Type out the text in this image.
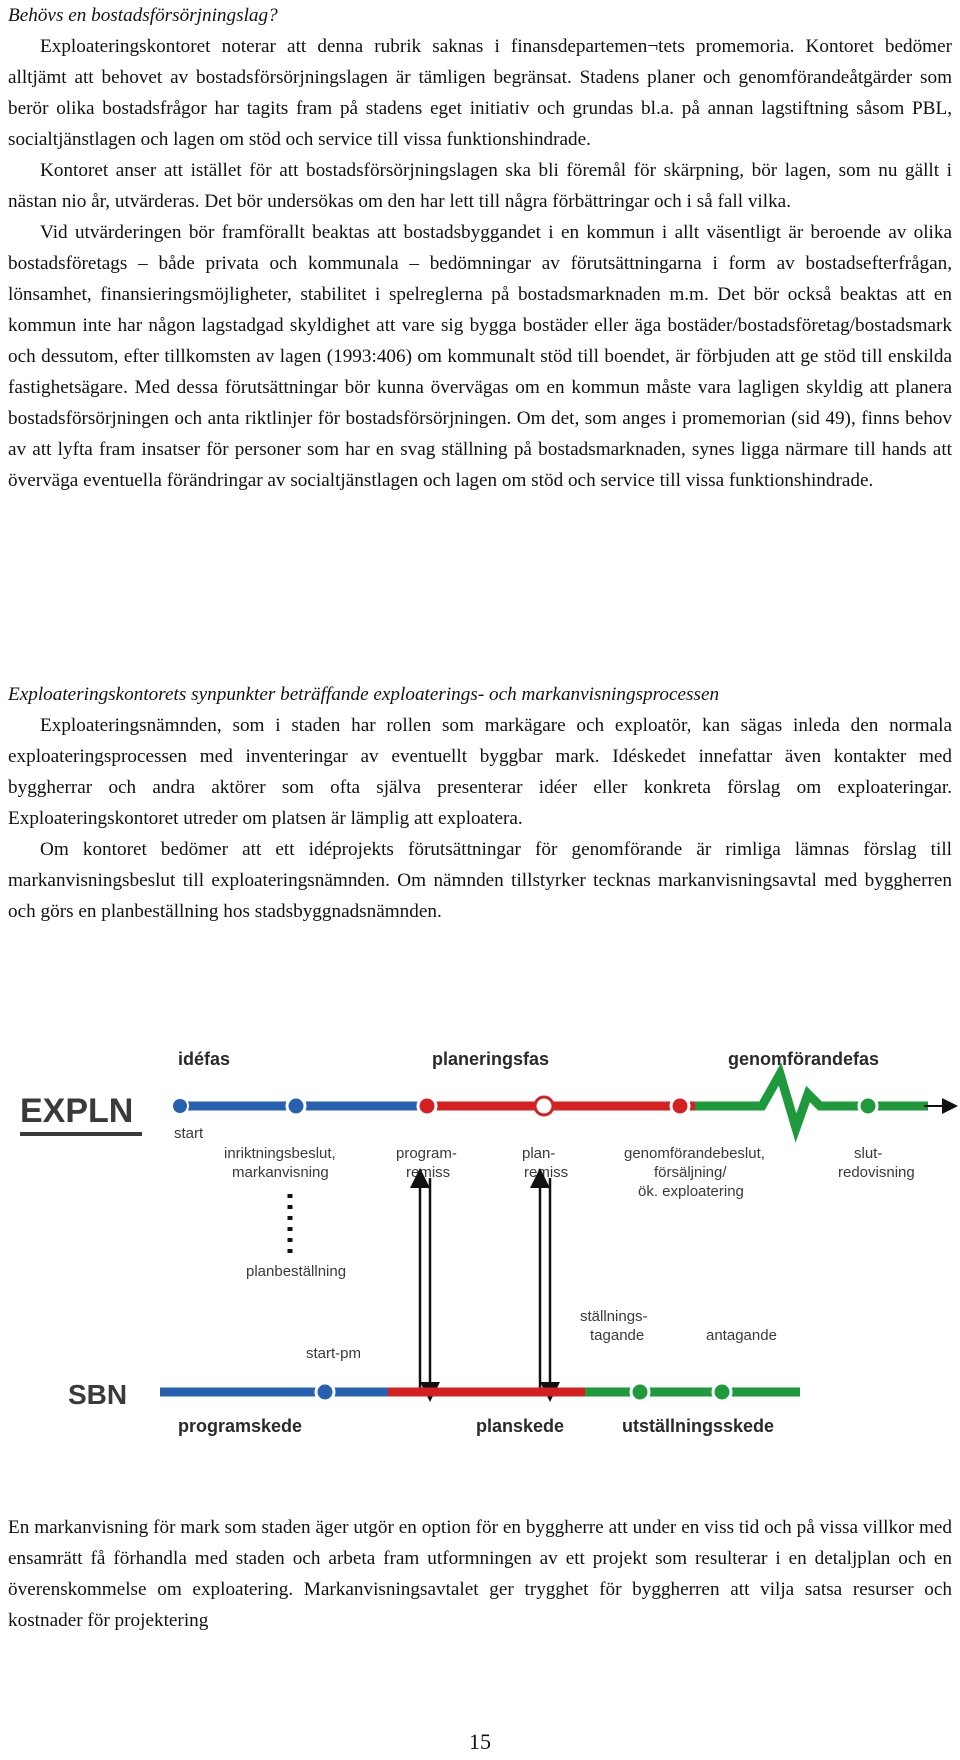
Behövs en bostadsförsörjningslag?

Exploateringskontoret noterar att denna rubrik saknas i finansdepartemen¬tets promemoria. Kontoret bedömer alltjämt att behovet av bostadsförsörjningslagen är tämligen begränsat. Stadens planer och genomförandeåtgärder som berör olika bostadsfrågor har tagits fram på stadens eget initiativ och grundas bl.a. på annan lagstiftning såsom PBL, socialtjänstlagen och lagen om stöd och service till vissa funktionshindrade.

Kontoret anser att istället för att bostadsförsörjningslagen ska bli föremål för skärpning, bör lagen, som nu gällt i nästan nio år, utvärderas. Det bör undersökas om den har lett till några förbättringar och i så fall vilka.

Vid utvärderingen bör framförallt beaktas att bostadsbyggandet i en kommun i allt väsentligt är beroende av olika bostadsföretags – både privata och kommunala – bedömningar av förutsättningarna i form av bostadsefterfrågan, lönsamhet, finansieringsmöjligheter, stabilitet i spelreglerna på bostadsmarknaden m.m. Det bör också beaktas att en kommun inte har någon lagstadgad skyldighet att vare sig bygga bostäder eller äga bostäder/bostadsföretag/bostadsmark och dessutom, efter tillkomsten av lagen (1993:406) om kommunalt stöd till boendet, är förbjuden att ge stöd till enskilda fastighetsägare. Med dessa förutsättningar bör kunna övervägas om en kommun måste vara lagligen skyldig att planera bostadsförsörjningen och anta riktlinjer för bostadsförsörjningen. Om det, som anges i promemorian (sid 49), finns behov av att lyfta fram insatser för personer som har en svag ställning på bostadsmarknaden, synes ligga närmare till hands att överväga eventuella förändringar av socialtjänstlagen och lagen om stöd och service till vissa funktionshindrade.

Exploateringskontorets synpunkter beträffande exploaterings- och markanvisningsprocessen

Exploateringsnämnden, som i staden har rollen som markägare och exploatör, kan sägas inleda den normala exploateringsprocessen med inventeringar av eventuellt byggbar mark. Idéskedet innefattar även kontakter med byggherrar och andra aktörer som ofta själva presenterar idéer eller konkreta förslag om exploateringar. Exploateringskontoret utreder om platsen är lämplig att exploatera.

Om kontoret bedömer att ett idéprojekts förutsättningar för genomförande är rimliga lämnas förslag till markanvisningsbeslut till exploateringsnämnden. Om nämnden tillstyrker tecknas markanvisningsavtal med byggherren och görs en planbeställning hos stadsbyggnadsnämnden.

EXPLN
idéfas	planeringsfas	genomförandefas
start
inriktningsbeslut, markanvisning
program- remiss
plan- remiss
genomförandebeslut, försäljning/ ök. exploatering
slut- redovisning
planbeställning
SBN
start-pm
ställnings- tagande	antagande
programskede	planskede	utställningsskede

En markanvisning för mark som staden äger utgör en option för en byggherre att under en viss tid och på vissa villkor med ensamrätt få förhandla med staden och arbeta fram utformningen av ett projekt som resulterar i en detaljplan och en överenskommelse om exploatering. Markanvisningsavtalet ger trygghet för byggherren att vilja satsa resurser och kostnader för projektering

15
